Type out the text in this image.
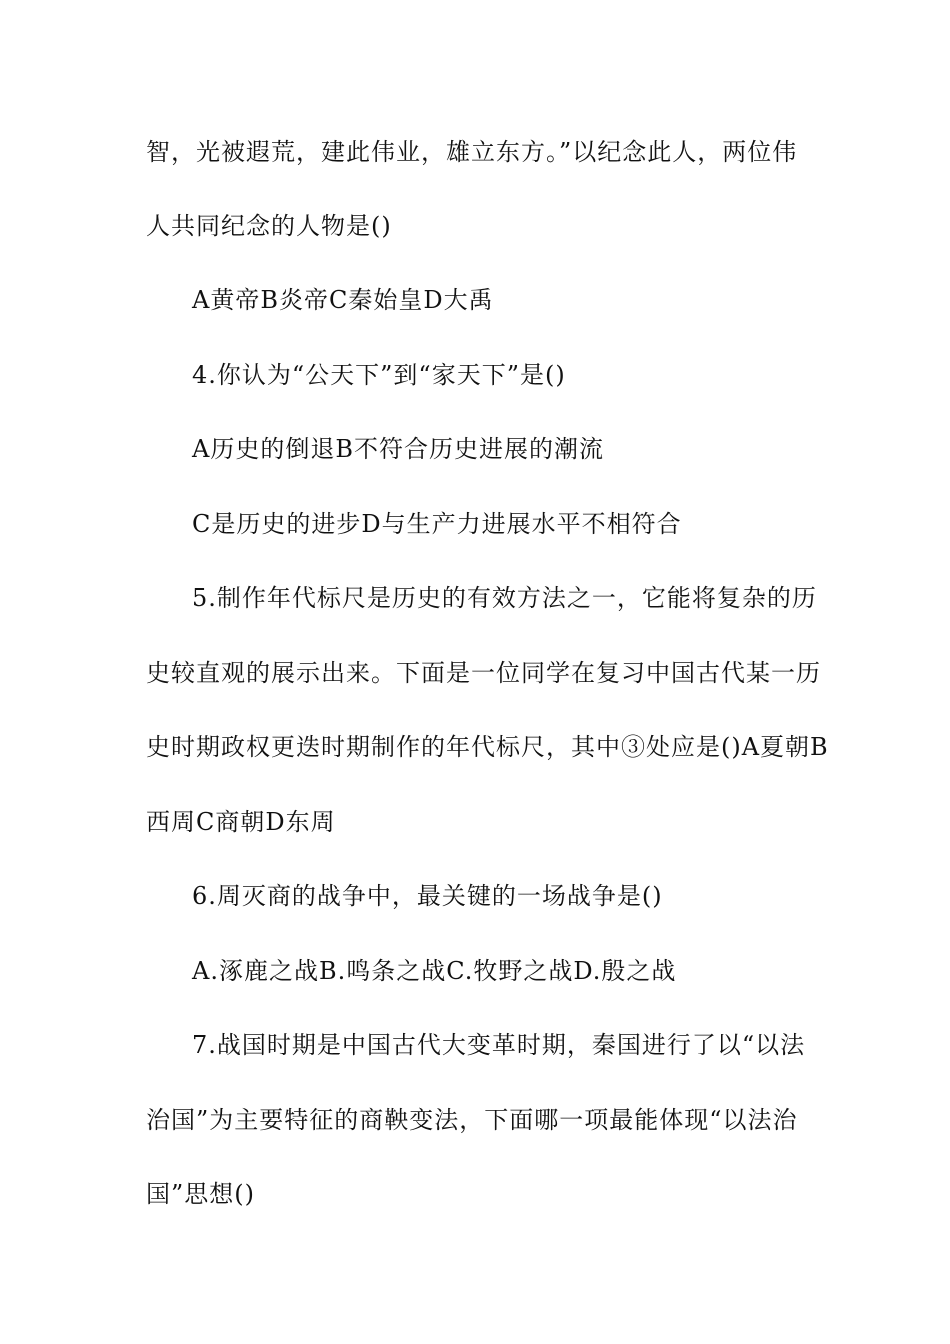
智，光被遐荒，建此伟业，雄立东方。”以纪念此人，两位伟
人共同纪念的人物是()
A黄帝B炎帝C秦始皇D大禹
4.你认为“公天下”到“家天下”是()
A历史的倒退B不符合历史进展的潮流
C是历史的进步D与生产力进展水平不相符合
5.制作年代标尺是历史的有效方法之一，它能将复杂的历
史较直观的展示出来。下面是一位同学在复习中国古代某一历
史时期政权更迭时期制作的年代标尺，其中③处应是()A夏朝B
西周C商朝D东周
6.周灭商的战争中，最关键的一场战争是()
A.涿鹿之战B.鸣条之战C.牧野之战D.殷之战
7.战国时期是中国古代大变革时期，秦国进行了以“以法
治国”为主要特征的商鞅变法，下面哪一项最能体现“以法治
国”思想()
